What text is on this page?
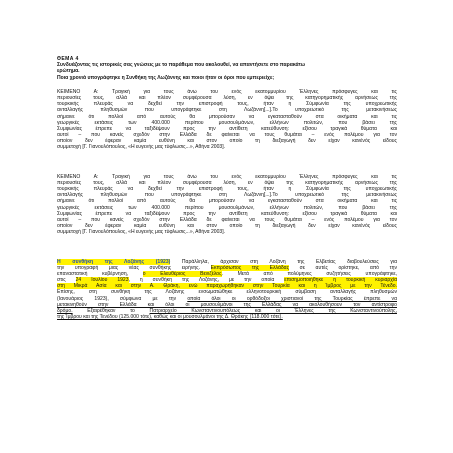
ΘΕΜΑ 4
Συνδυάζοντας τις ιστορικές σας γνώσεις με το παράθεμα που ακολουθεί, να απαντήσετε στο παρακάτω
ερώτημα.
Ποια χρονιά υπογράφτηκε η Συνθήκη της Λωζάννης και ποιοι ήταν οι όροι που εμπεριείχε;
ΚΕΙΜΕΝΟ Α: Τραγική για τους άνω του ενός εκατομμυρίου Έλληνες πρόσφυγες και τις
περιουσίες τους, αλλά και πλέον συμφέρουσα λύση, εν όψει της κατηγορηματικής αρνήσεως της
τουρκικής πλευράς να δεχθεί την επιστροφή τους, ήταν η Σύμφωνία της υποχρεωτικής
ανταλλαγής πληθυσμών που υπογράφτηκε στη Λωζάννη[...].Το υποχρεωτικό της μετακινήσεως
σήμαινε ότι πολλοί από αυτούς θα μπορούσαν να εγκατασταθούν στα οικήματα και τις
γεωργικές εκτάσεις των 400.000 περίπου μουσουλμάνων, ελλήνων πολιτών, που βάσει της
Συμφωνίας έπρεπε να ταξιδέψουν προς την αντίθετη κατεύθυνση: εξίσου τραγικά θύματα και
αυτοί – που κανείς σχεδόν στην Ελλάδα δε φαίνεται να τους θυμάται – ενός πολέμου για τον
οποίον δεν έφεραν καμία ευθύνη και στον οποίο τη διεξαγωγή δεν είχαν κανένός είδους
συμμετοχή [Γ. Γιανουλόπουλος, «Η ευγενής μας τύφλωσις...», Αθήνα 2003].
ΚΕΙΜΕΝΟ Α: Τραγική για τους άνω του ενός εκατομμυρίου Έλληνες πρόσφυγες και τις
περιουσίες τους, αλλά και πλέον συμφέρουσα λύση, εν όψει της κατηγορηματικής αρνήσεως της
τουρκικής πλευράς να δεχθεί την επιστροφή τους, ήταν η Σύμφωνία της υποχρεωτικής
ανταλλαγής πληθυσμών που υπογράφτηκε στη Λωζάννη[...].Το υποχρεωτικό της μετακινήσεως
σήμαινε ότι πολλοί από αυτούς θα μπορούσαν να εγκατασταθούν στα οικήματα και τις
γεωργικές εκτάσεις των 400.000 περίπου μουσουλμάνων, ελλήνων πολιτών, που βάσει της
Συμφωνίας έπρεπε να ταξιδέψουν προς την αντίθετη κατεύθυνση: εξίσου τραγικά θύματα και
αυτοί – που κανείς σχεδόν στην Ελλάδα δε φαίνεται να τους θυμάται – ενός πολέμου για τον
οποίον δεν έφεραν καμία ευθύνη και στον οποίο τη διεξαγωγή δεν είχαν κανένός είδους
συμμετοχή [Γ. Γιανουλόπουλος, «Η ευγενής μας τύφλωσις...», Αθήνα 2003].
Η συνθήκη της Λοζάνης (1923) Παράλληλα, άρχισαν στη Λοζάνη της Ελβετίας διαβουλεύσεις για
την υπογραφή μιας νέας συνθήκης ειρήνης. Εκπρόσωπος της Ελλάδας σε αυτές ορίστηκε, από την
επαναστατική κυβέρνηση, ο Ελευθέριος Βενιζέλος. Μετά από πολύμηνες συζητήσεις υπογράφτηκε,
στις 24 Ιουλίου 1923, η συνθήκη της Λοζάνης, με την οποία επισημοποιήθηκε η τουρκική κυριαρχία
στη Μικρά Ασία και στην Α. Θράκη, ενώ παραχωρήθηκαν στην Τουρκία και η Ίμβρος με την Τένεδο.
Επίσης, στη συνθήκη της Λοζάνης ενσωματώθηκε ελληνοτουρκική σύμβαση ανταλλαγής πληθυσμών
(Ιανουάριος 1923), σύμφωνα με την οποία όλοι οι ορθόδοξοι χριστιανοί της Τουρκίας έπρεπε να
μετακινηθούν στην Ελλάδα και όλοι οι μουσουλμάνοι της Ελλάδας να ακολουθήσουν τον αντίστροφο
δρόμο. Εξαιρέθηκαν το Πατριαρχείο Κωνσταντινουπόλεως και οι Έλληνες της Κωνσταντινούπολης,
της Ίμβρου και της Τενέδου (125.000 τότε), καθώς και οι μουσουλμάνοι της Δ. Θράκης (118.000 τότε).
